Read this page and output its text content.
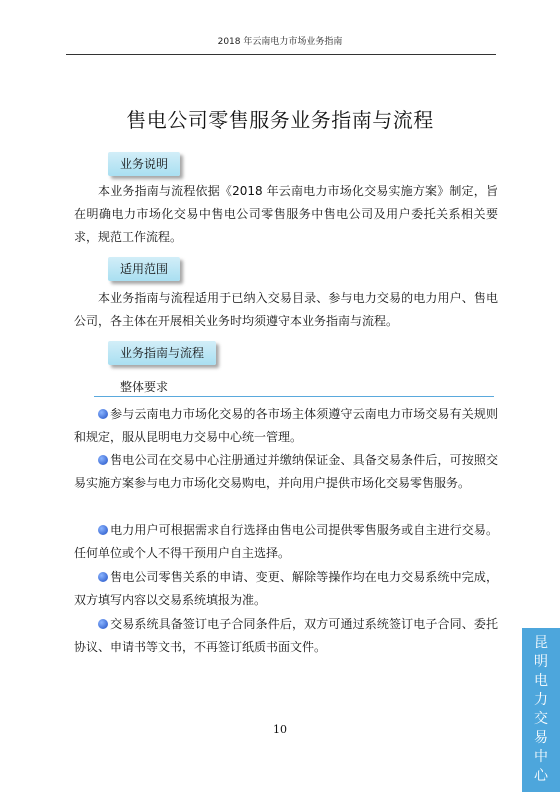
2018 年云南电力市场业务指南
售电公司零售服务业务指南与流程
业务说明

本业务指南与流程依据《2018 年云南电力市场化交易实施方案》制定，旨在明确电力市场化交易中售电公司零售服务中售电公司及用户委托关系相关要求，规范工作流程。

适用范围

本业务指南与流程适用于已纳入交易目录、参与电力交易的电力用户、售电公司，各主体在开展相关业务时均须遵守本业务指南与流程。

业务指南与流程
整体要求

参与云南电力市场化交易的各市场主体须遵守云南电力市场交易有关规则和规定，服从昆明电力交易中心统一管理。

售电公司在交易中心注册通过并缴纳保证金、具备交易条件后，可按照交易实施方案参与电力市场化交易购电，并向用户提供市场化交易零售服务。

电力用户可根据需求自行选择由售电公司提供零售服务或自主进行交易。任何单位或个人不得干预用户自主选择。

售电公司零售关系的申请、变更、解除等操作均在电力交易系统中完成，双方填写内容以交易系统填报为准。

交易系统具备签订电子合同条件后，双方可通过系统签订电子合同、委托协议、申请书等文书，不再签订纸质书面文件。	昆
明
电
力
交
易
中
心
10
